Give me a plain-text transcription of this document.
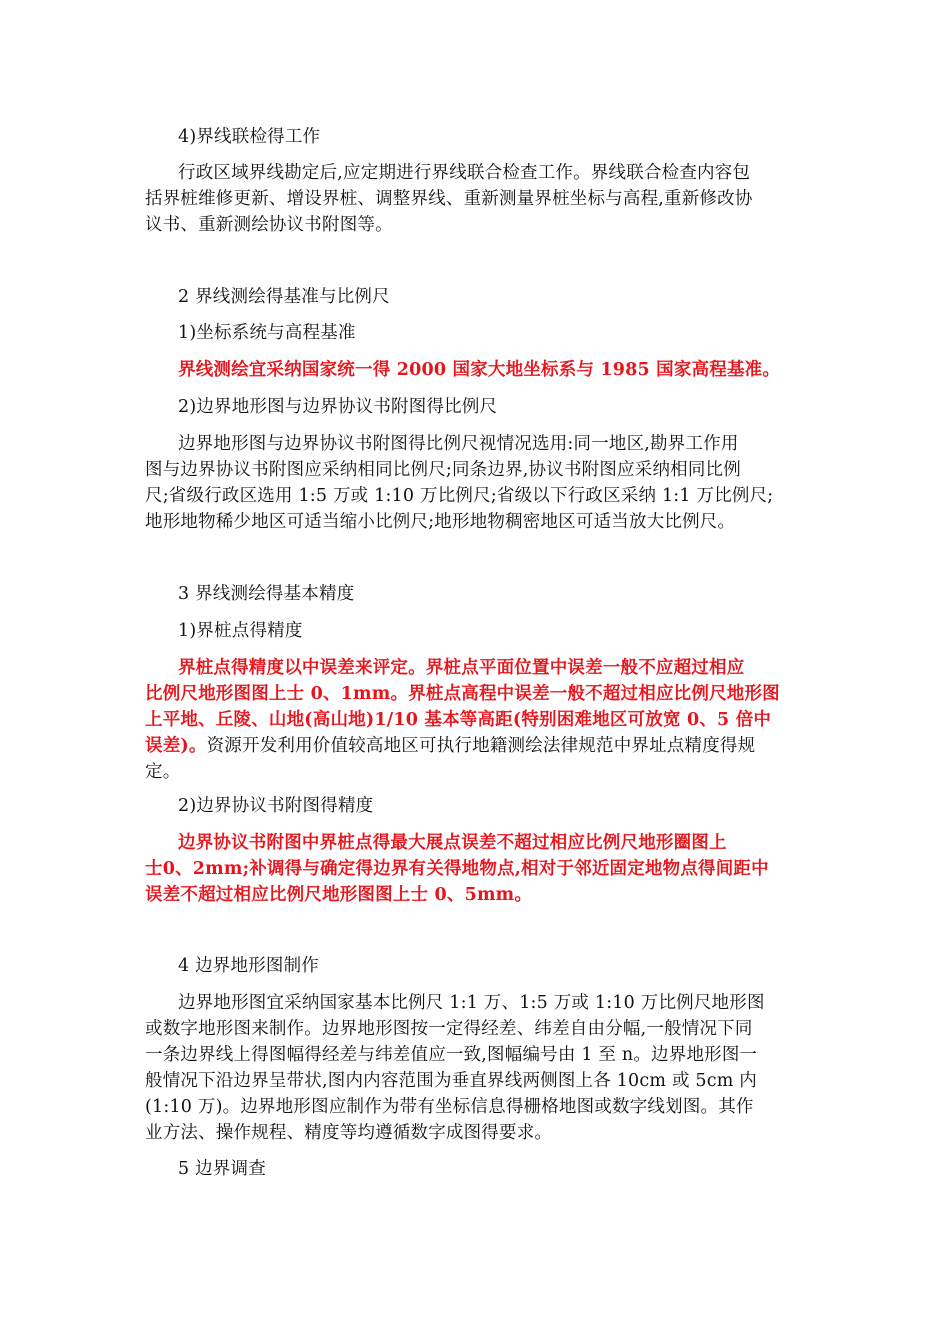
4)界线联检得工作
行政区域界线勘定后,应定期进行界线联合检查工作。界线联合检查内容包
括界桩维修更新、增设界桩、调整界线、重新测量界桩坐标与高程,重新修改协
议书、重新测绘协议书附图等。
2 界线测绘得基准与比例尺
1)坐标系统与高程基准
界线测绘宜采纳国家统一得 2000 国家大地坐标系与 1985 国家高程基准。
2)边界地形图与边界协议书附图得比例尺
边界地形图与边界协议书附图得比例尺视情况选用:同一地区,勘界工作用
图与边界协议书附图应采纳相同比例尺;同条边界,协议书附图应采纳相同比例
尺;省级行政区选用 1:5 万或 1:10 万比例尺;省级以下行政区采纳 1:1 万比例尺;
地形地物稀少地区可适当缩小比例尺;地形地物稠密地区可适当放大比例尺。
3 界线测绘得基本精度
1)界桩点得精度
界桩点得精度以中误差来评定。界桩点平面位置中误差一般不应超过相应
比例尺地形图图上士 0、1mm。界桩点高程中误差一般不超过相应比例尺地形图
上平地、丘陵、山地(高山地)1/10 基本等高距(特别困难地区可放宽 0、5 倍中
误差)。资源开发利用价值较高地区可执行地籍测绘法律规范中界址点精度得规
定。
2)边界协议书附图得精度
边界协议书附图中界桩点得最大展点误差不超过相应比例尺地形圈图上
士0、2mm;补调得与确定得边界有关得地物点,相对于邻近固定地物点得间距中
误差不超过相应比例尺地形图图上士 0、5mm。
4 边界地形图制作
边界地形图宜采纳国家基本比例尺 1:1 万、1:5 万或 1:10 万比例尺地形图
或数字地形图来制作。边界地形图按一定得经差、纬差自由分幅,一般情况下同
一条边界线上得图幅得经差与纬差值应一致,图幅编号由 1 至 n。边界地形图一
般情况下沿边界呈带状,图内内容范围为垂直界线两侧图上各 10cm 或 5cm 内
(1:10 万)。边界地形图应制作为带有坐标信息得栅格地图或数字线划图。其作
业方法、操作规程、精度等均遵循数字成图得要求。
5 边界调查
